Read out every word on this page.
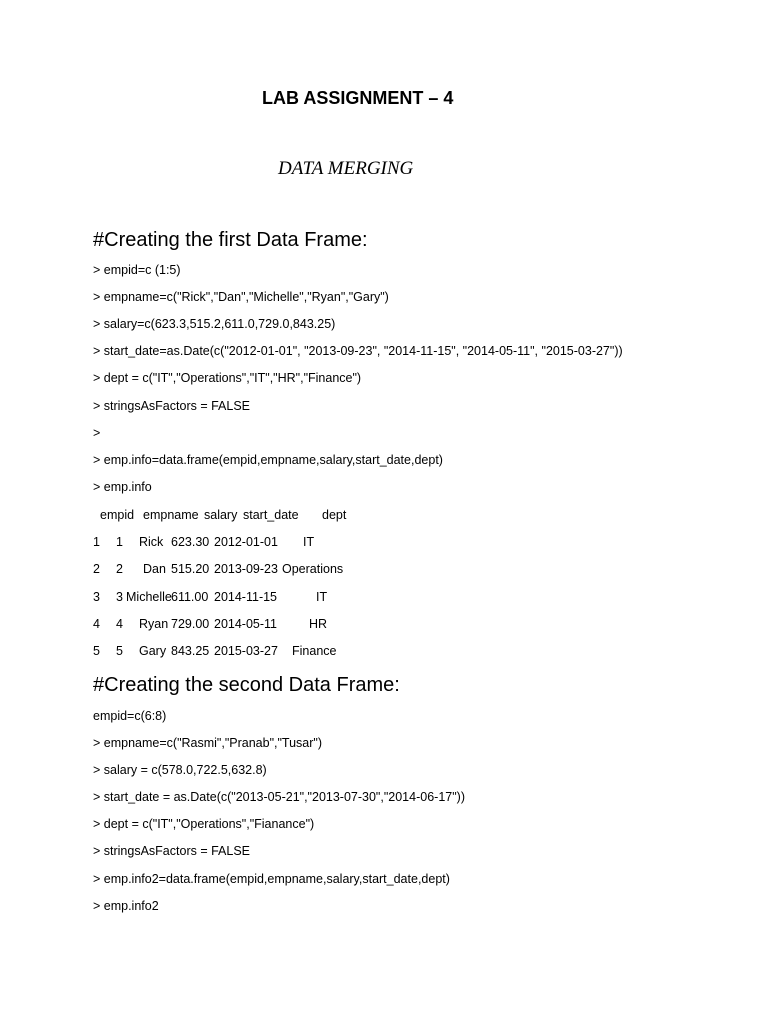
LAB ASSIGNMENT – 4
DATA MERGING
#Creating the first Data Frame:
> empid=c (1:5)
> empname=c("Rick","Dan","Michelle","Ryan","Gary")
> salary=c(623.3,515.2,611.0,729.0,843.25)
> start_date=as.Date(c("2012-01-01", "2013-09-23", "2014-11-15", "2014-05-11", "2015-03-27"))
> dept = c("IT","Operations","IT","HR","Finance")
> stringsAsFactors = FALSE
>
> emp.info=data.frame(empid,empname,salary,start_date,dept)
> emp.info
empid empname salary start_date dept
1 1 Rick 623.30 2012-01-01 IT
2 2 Dan 515.20 2013-09-23 Operations
3 3 Michelle 611.00 2014-11-15	IT
4 4 Ryan 729.00 2014-05-11	HR
5 5 Gary 843.25 2015-03-27 Finance
#Creating the second Data Frame:
empid=c(6:8)
> empname=c("Rasmi","Pranab","Tusar")
> salary = c(578.0,722.5,632.8)
> start_date = as.Date(c("2013-05-21","2013-07-30","2014-06-17"))
> dept = c("IT","Operations","Fianance")
> stringsAsFactors = FALSE
> emp.info2=data.frame(empid,empname,salary,start_date,dept)
> emp.info2
